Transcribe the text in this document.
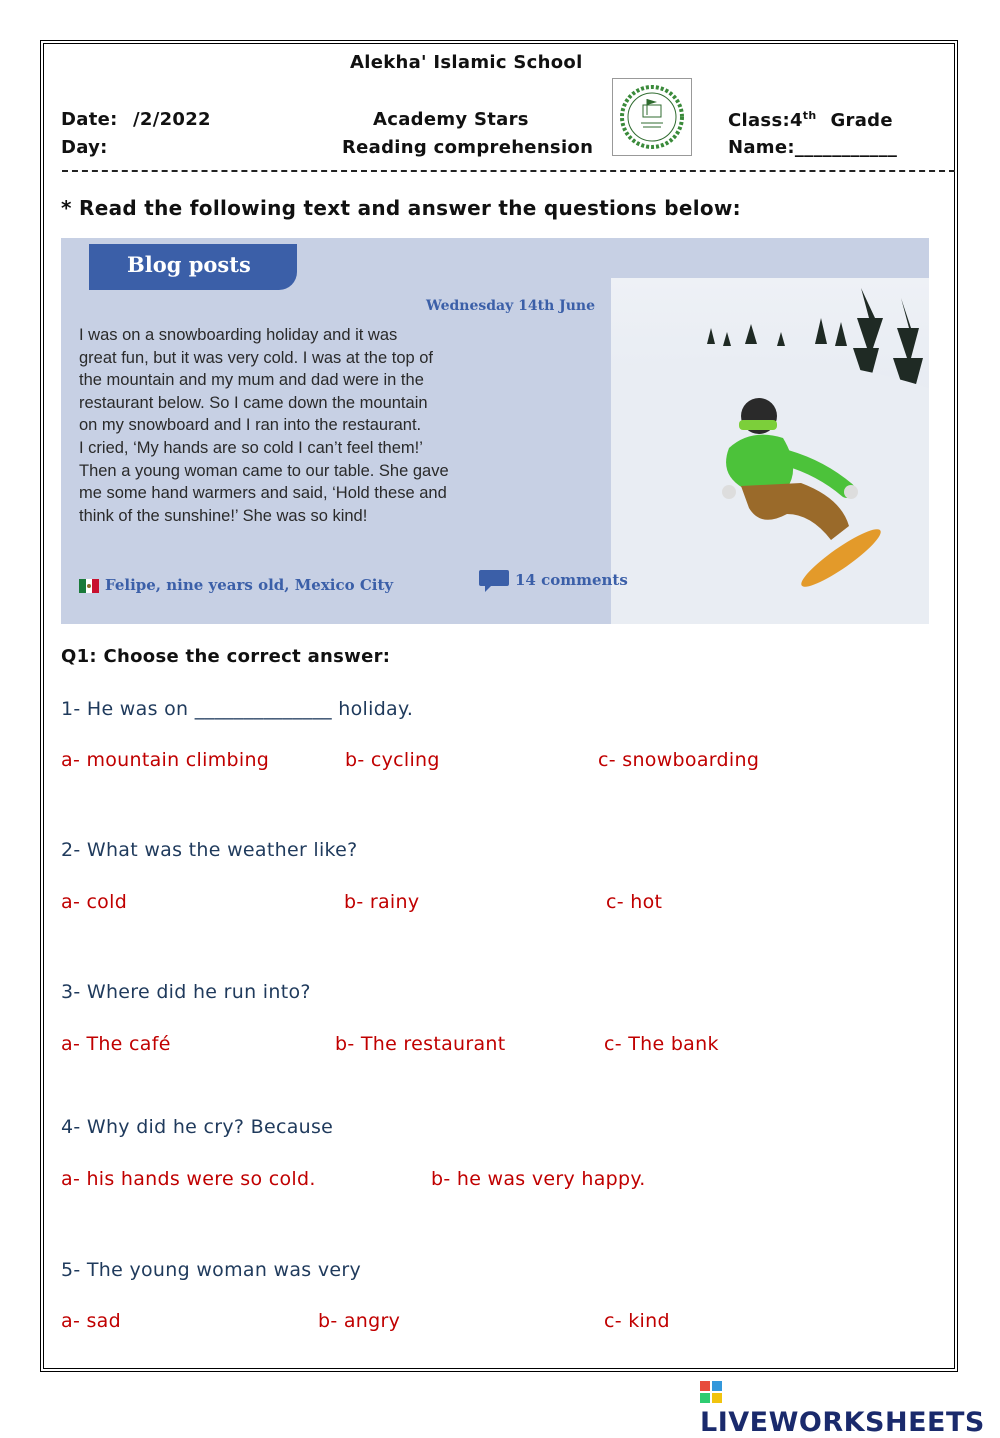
Alekha' Islamic School
Date: /2/2022
Day:
Academy Stars
Reading comprehension
Class:4th Grade
Name:___________
* Read the following text and answer the questions below:
Blog posts
Wednesday 14th June
I was on a snowboarding holiday and it was
great fun, but it was very cold. I was at the top of
the mountain and my mum and dad were in the
restaurant below. So I came down the mountain
on my snowboard and I ran into the restaurant.
I cried, ‘My hands are so cold I can’t feel them!’
Then a young woman came to our table. She gave
me some hand warmers and said, ‘Hold these and
think of the sunshine!’ She was so kind!
Felipe, nine years old, Mexico City	14 comments
Q1: Choose the correct answer:
1- He was on ______________ holiday.
a- mountain climbing	b- cycling	c- snowboarding
2- What was the weather like?
a- cold	b- rainy	c- hot
3- Where did he run into?
a- The café	b- The restaurant	c- The bank
4- Why did he cry? Because
a- his hands were so cold.	b- he was very happy.
5- The young woman was very
a- sad	b- angry	c- kind
LIVEWORKSHEETS
